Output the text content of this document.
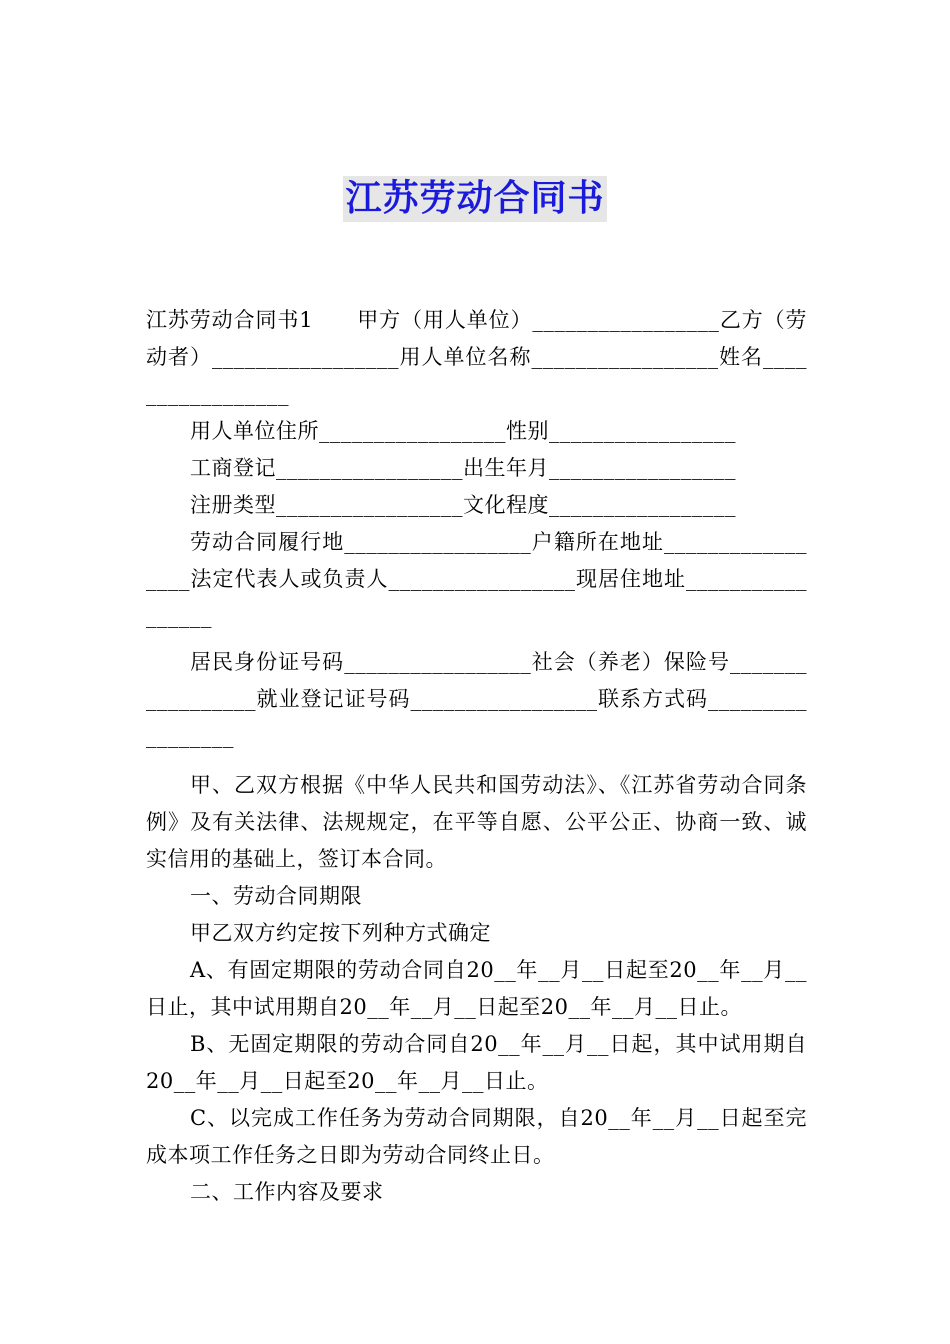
江苏劳动合同书

江苏劳动合同书1　　甲方（用人单位）_________________乙方（劳动者）_________________用人单位名称_________________姓名_________________

用人单位住所_________________性别_________________

工商登记_________________出生年月_________________

注册类型_________________文化程度_________________

劳动合同履行地_________________户籍所在地址_________________法定代表人或负责人_________________现居住地址_________________

居民身份证号码_________________社会（养老）保险号_________________就业登记证号码_________________联系方式码_________________

甲、乙双方根据《中华人民共和国劳动法》、《江苏省劳动合同条例》及有关法律、法规规定，在平等自愿、公平公正、协商一致、诚实信用的基础上，签订本合同。

一、劳动合同期限

甲乙双方约定按下列种方式确定

A、有固定期限的劳动合同自20__年__月__日起至20__年__月__日止，其中试用期自20__年__月__日起至20__年__月__日止。

B、无固定期限的劳动合同自20__年__月__日起，其中试用期自20__年__月__日起至20__年__月__日止。

C、以完成工作任务为劳动合同期限，自20__年__月__日起至完成本项工作任务之日即为劳动合同终止日。

二、工作内容及要求
